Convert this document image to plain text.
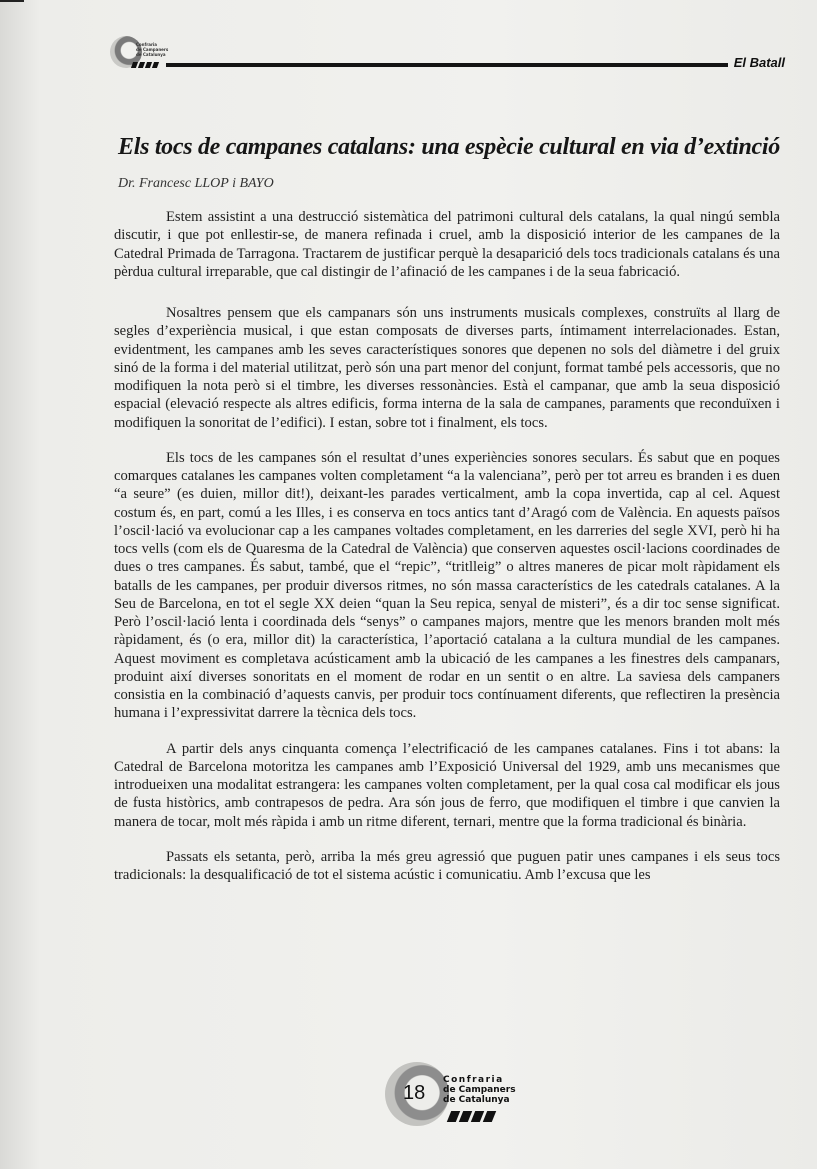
Confraria
de Campaners
de Catalunya
El Batall
Els tocs de campanes catalans: una espècie cultural en via d’extinció
Dr. Francesc LLOP i BAYO

Estem assistint a una destrucció sistemàtica del patrimoni cultural dels catalans, la qual ningú sembla discutir, i que pot enllestir-se, de manera refinada i cruel, amb la disposició interior de les campanes de la Catedral Primada de Tarragona. Tractarem de justificar perquè la desaparició dels tocs tradicionals catalans és una pèrdua cultural irreparable, que cal distingir de l’afinació de les campanes i de la seua fabricació.

Nosaltres pensem que els campanars són uns instruments musicals complexes, construïts al llarg de segles d’experiència musical, i que estan composats de diverses parts, íntimament interrelacionades. Estan, evidentment, les campanes amb les seves característiques sonores que depenen no sols del diàmetre i del gruix sinó de la forma i del material utilitzat, però són una part menor del conjunt, format també pels accessoris, que no modifiquen la nota però si el timbre, les diverses ressonàncies. Està el campanar, que amb la seua disposició espacial (elevació respecte als altres edificis, forma interna de la sala de campanes, paraments que reconduïxen i modifiquen la sonoritat de l’edifici). I estan, sobre tot i finalment, els tocs.

Els tocs de les campanes són el resultat d’unes experiències sonores seculars. És sabut que en poques comarques catalanes les campanes volten completament “a la valenciana”, però per tot arreu es branden i es duen “a seure” (es duien, millor dit!), deixant-les parades verticalment, amb la copa invertida, cap al cel. Aquest costum és, en part, comú a les Illes, i es conserva en tocs antics tant d’Aragó com de València. En aquests països l’oscil·lació va evolucionar cap a les campanes voltades completament, en les darreries del segle XVI, però hi ha tocs vells (com els de Quaresma de la Catedral de València) que conserven aquestes oscil·lacions coordinades de dues o tres campanes. És sabut, també, que el “repic”, “tritlleig” o altres maneres de picar molt ràpidament els batalls de les campanes, per produir diversos ritmes, no són massa característics de les catedrals catalanes. A la Seu de Barcelona, en tot el segle XX deien “quan la Seu repica, senyal de misteri”, és a dir toc sense significat. Però l’oscil·lació lenta i coordinada dels “senys” o campanes majors, mentre que les menors branden molt més ràpidament, és (o era, millor dit) la característica, l’aportació catalana a la cultura mundial de les campanes. Aquest moviment es completava acústicament amb la ubicació de les campanes a les finestres dels campanars, produint així diverses sonoritats en el moment de rodar en un sentit o en altre. La saviesa dels campaners consistia en la combinació d’aquests canvis, per produir tocs contínuament diferents, que reflectiren la presència humana i l’expressivitat darrere la tècnica dels tocs.

A partir dels anys cinquanta comença l’electrificació de les campanes catalanes. Fins i tot abans: la Catedral de Barcelona motoritza les campanes amb l’Exposició Universal del 1929, amb uns mecanismes que introdueixen una modalitat estrangera: les campanes volten completament, per la qual cosa cal modificar els jous de fusta històrics, amb contrapesos de pedra. Ara són jous de ferro, que modifiquen el timbre i que canvien la manera de tocar, molt més ràpida i amb un ritme diferent, ternari, mentre que la forma tradicional és binària.

Passats els setanta, però, arriba la més greu agressió que puguen patir unes campanes i els seus tocs tradicionals: la desqualificació de tot el sistema acústic i comunicatiu. Amb l’excusa que les

18
Confraria
de Campaners
de Catalunya
